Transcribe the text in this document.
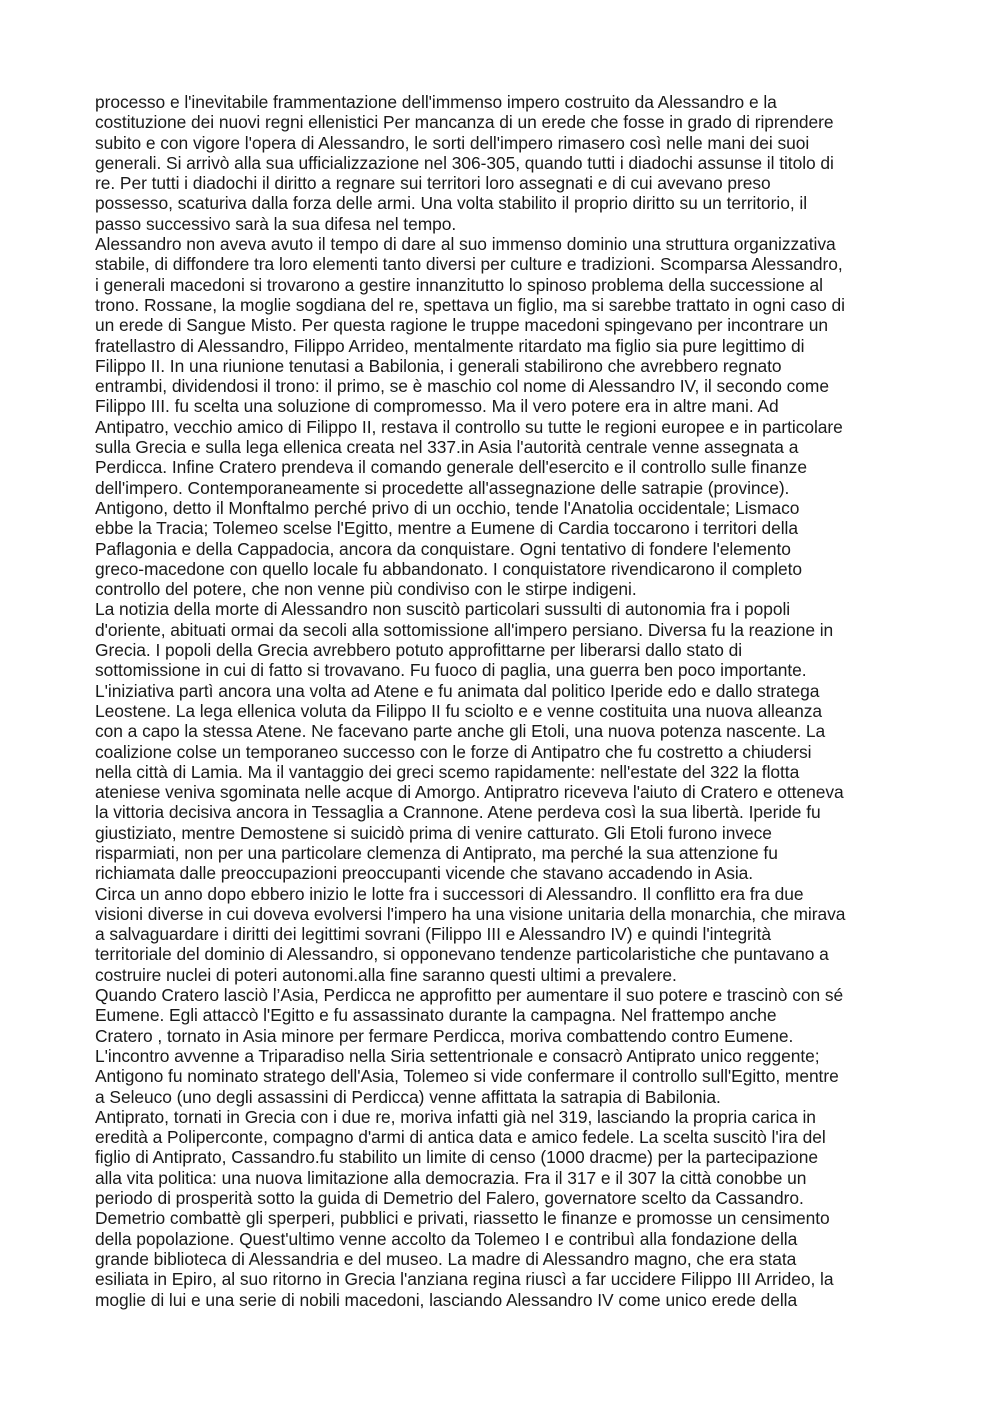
processo e l'inevitabile frammentazione dell'immenso impero costruito da Alessandro e la
costituzione dei nuovi regni ellenistici Per mancanza di un erede che fosse in grado di riprendere
subito e con vigore l'opera di Alessandro, le sorti dell'impero rimasero così nelle mani dei suoi
generali. Si arrivò alla sua ufficializzazione nel 306-305, quando tutti i diadochi assunse il titolo di
re. Per tutti i diadochi il diritto a regnare sui territori loro assegnati e di cui avevano preso
possesso, scaturiva dalla forza delle armi. Una volta stabilito il proprio diritto su un territorio, il
passo successivo sarà la sua difesa nel tempo.
Alessandro non aveva avuto il tempo di dare al suo immenso dominio una struttura organizzativa
stabile, di diffondere tra loro elementi tanto diversi per culture e tradizioni. Scomparsa Alessandro,
i generali macedoni si trovarono a gestire innanzitutto lo spinoso problema della successione al
trono. Rossane, la moglie sogdiana del re, spettava un figlio, ma si sarebbe trattato in ogni caso di
un erede di Sangue Misto. Per questa ragione le truppe macedoni spingevano per incontrare un
fratellastro di Alessandro, Filippo Arrideo, mentalmente ritardato ma figlio sia pure legittimo di
Filippo II. In una riunione tenutasi a Babilonia, i generali stabilirono che avrebbero regnato
entrambi, dividendosi il trono: il primo, se è maschio col nome di Alessandro IV, il secondo come
Filippo III. fu scelta una soluzione di compromesso. Ma il vero potere era in altre mani. Ad
Antipatro, vecchio amico di Filippo II, restava il controllo su tutte le regioni europee e in particolare
sulla Grecia e sulla lega ellenica creata nel 337.in Asia l'autorità centrale venne assegnata a
Perdicca. Infine Cratero prendeva il comando generale dell'esercito e il controllo sulle finanze
dell'impero. Contemporaneamente si procedette all'assegnazione delle satrapie (province).
Antigono, detto il Monftalmo perché privo di un occhio, tende l'Anatolia occidentale; Lismaco
ebbe la Tracia; Tolemeo scelse l'Egitto, mentre a Eumene di Cardia toccarono i territori della
Paflagonia e della Cappadocia, ancora da conquistare. Ogni tentativo di fondere l'elemento
greco-macedone con quello locale fu abbandonato. I conquistatore rivendicarono il completo
controllo del potere, che non venne più condiviso con le stirpe indigeni.
La notizia della morte di Alessandro non suscitò particolari sussulti di autonomia fra i popoli
d'oriente, abituati ormai da secoli alla sottomissione all'impero persiano. Diversa fu la reazione in
Grecia. I popoli della Grecia avrebbero potuto approfittarne per liberarsi dallo stato di
sottomissione in cui di fatto si trovavano. Fu fuoco di paglia, una guerra ben poco importante.
L'iniziativa partì ancora una volta ad Atene e fu animata dal politico Iperide edo e dallo stratega
Leostene. La lega ellenica voluta da Filippo II fu sciolto e e venne costituita una nuova alleanza
con a capo la stessa Atene. Ne facevano parte anche gli Etoli, una nuova potenza nascente. La
coalizione colse un temporaneo successo con le forze di Antipatro che fu costretto a chiudersi
nella città di Lamia. Ma il vantaggio dei greci scemo rapidamente: nell'estate del 322 la flotta
ateniese veniva sgominata nelle acque di Amorgo. Antipratro riceveva l'aiuto di Cratero e otteneva
la vittoria decisiva ancora in Tessaglia a Crannone. Atene perdeva così la sua libertà. Iperide fu
giustiziato, mentre Demostene si suicidò prima di venire catturato. Gli Etoli furono invece
risparmiati, non per una particolare clemenza di Antiprato, ma perché la sua attenzione fu
richiamata dalle preoccupazioni preoccupanti vicende che stavano accadendo in Asia.
Circa un anno dopo ebbero inizio le lotte fra i successori di Alessandro. Il conflitto era fra due
visioni diverse in cui doveva evolversi l'impero ha una visione unitaria della monarchia, che mirava
a salvaguardare i diritti dei legittimi sovrani (Filippo III e Alessandro IV) e quindi l'integrità
territoriale del dominio di Alessandro, si opponevano tendenze particolaristiche che puntavano a
costruire nuclei di poteri autonomi.alla fine saranno questi ultimi a prevalere.
Quando Cratero lasciò l’Asia, Perdicca ne approfitto per aumentare il suo potere e trascinò con sé
Eumene. Egli attaccò l'Egitto e fu assassinato durante la campagna. Nel frattempo anche
Cratero , tornato in Asia minore per fermare Perdicca, moriva combattendo contro Eumene.
L'incontro avvenne a Triparadiso nella Siria settentrionale e consacrò Antiprato unico reggente;
Antigono fu nominato stratego dell'Asia, Tolemeo si vide confermare il controllo sull'Egitto, mentre
a Seleuco (uno degli assassini di Perdicca) venne affittata la satrapia di Babilonia.
Antiprato, tornati in Grecia con i due re, moriva infatti già nel 319, lasciando la propria carica in
eredità a Poliperconte, compagno d'armi di antica data e amico fedele. La scelta suscitò l'ira del
figlio di Antiprato, Cassandro.fu stabilito un limite di censo (1000 dracme) per la partecipazione
alla vita politica: una nuova limitazione alla democrazia. Fra il 317 e il 307 la città conobbe un
periodo di prosperità sotto la guida di Demetrio del Falero, governatore scelto da Cassandro.
Demetrio combattè gli sperperi, pubblici e privati, riassetto le finanze e promosse un censimento
della popolazione. Quest'ultimo venne accolto da Tolemeo I e contribuì alla fondazione della
grande biblioteca di Alessandria e del museo. La madre di Alessandro magno, che era stata
esiliata in Epiro, al suo ritorno in Grecia l'anziana regina riuscì a far uccidere Filippo III Arrideo, la
moglie di lui e una serie di nobili macedoni, lasciando Alessandro IV come unico erede della
